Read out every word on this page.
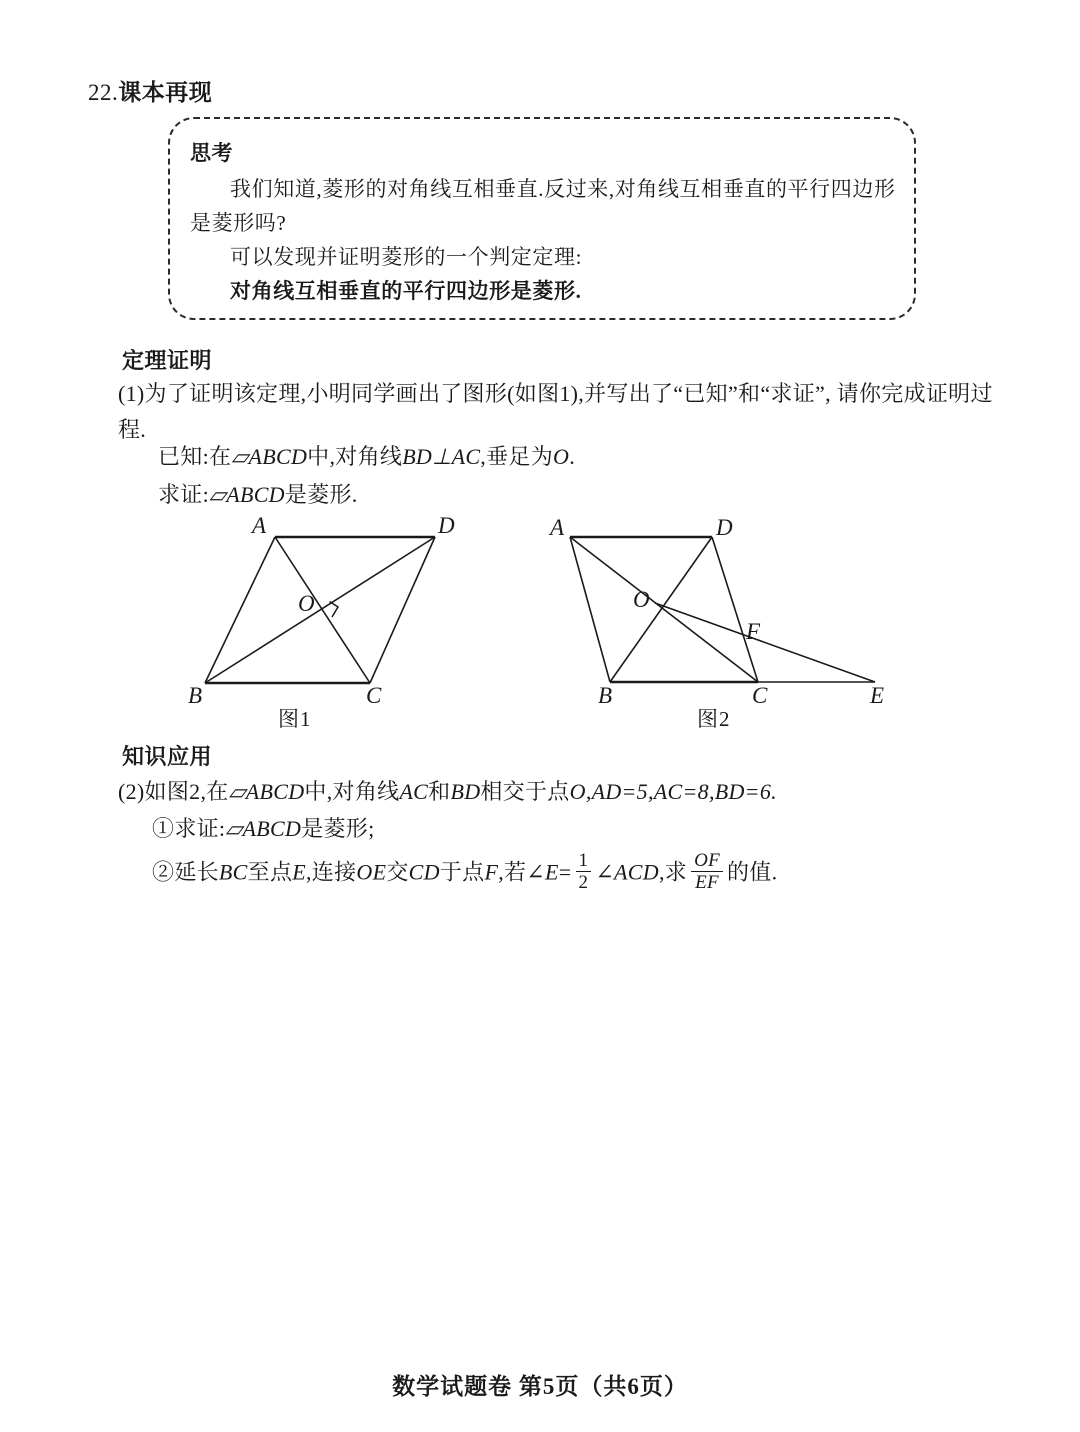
22.课本再现
思考
我们知道,菱形的对角线互相垂直.反过来,对角线互相垂直的平行四边形是菱形吗?
可以发现并证明菱形的一个判定定理:
对角线互相垂直的平行四边形是菱形.
定理证明
(1)为了证明该定理,小明同学画出了图形(如图1),并写出了“已知”和“求证”, 请你完成证明过程.
已知:在▱ABCD中,对角线BD⊥AC,垂足为O.
求证:▱ABCD是菱形.
A	D
B	C
O
图1
A	D
B	C	E
F
O
图2
知识应用
(2)如图2,在▱ABCD中,对角线AC和BD相交于点O,AD=5,AC=8,BD=6.
①求证:▱ABCD是菱形;
②延长BC至点E,连接OE交CD于点F,若∠E= $\frac{1}{2}$ ∠ACD,求 $\frac{OF}{EF}$ 的值.
数学试题卷 第5页（共6页）
